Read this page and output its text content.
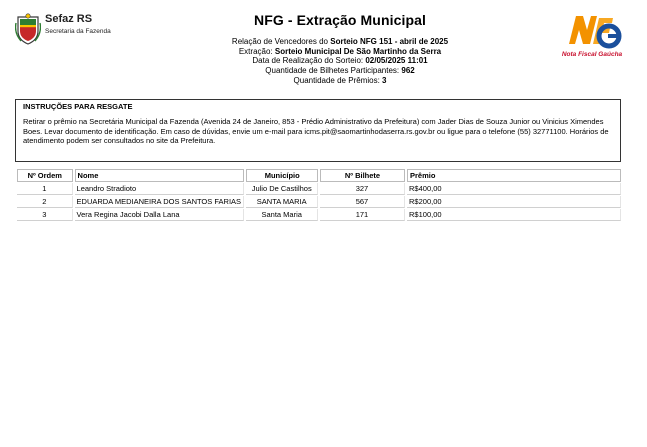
Sefaz RS
Secretaria da Fazenda
NFG - Extração Municipal
Relação de Vencedores do Sorteio NFG 151 - abril de 2025
Extração: Sorteio Municipal De São Martinho da Serra
Data de Realização do Sorteio: 02/05/2025 11:01
Quantidade de Bilhetes Participantes: 962
Quantidade de Prêmios: 3
Nota Fiscal Gaúcha
INSTRUÇÕES PARA RESGATE
Retirar o prêmio na Secretária Municipal da Fazenda (Avenida 24 de Janeiro, 853 - Prédio Administrativo da Prefeitura) com Jader Dias de Souza Junior ou Vinicius Ximendes Boes. Levar documento de identificação. Em caso de dúvidas, envie um e-mail para icms.pit@saomartinhodaserra.rs.gov.br ou ligue para o telefone (55) 32771100. Horários de atendimento podem ser consultados no site da Prefeitura.
Nº Ordem	Nome	Município	Nº Bilhete	Prêmio
1	Leandro Stradioto	Julio De Castilhos	327	R$400,00
2	EDUARDA MEDIANEIRA DOS SANTOS FARIAS	SANTA MARIA	567	R$200,00
3	Vera Regina Jacobi Dalla Lana	Santa Maria	171	R$100,00
